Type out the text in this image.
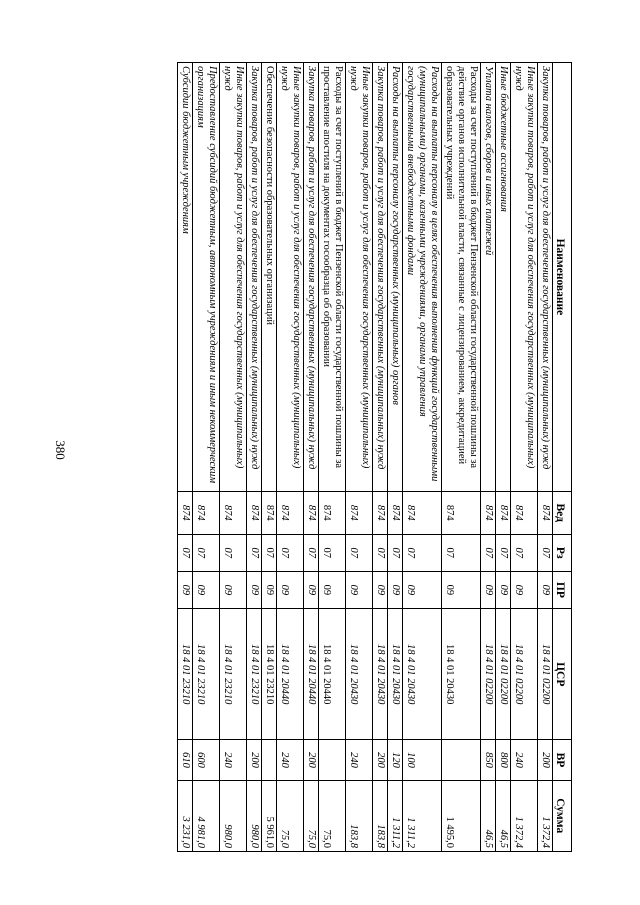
380
Наименование	Вед	Рз	ПР	ЦСР	ВР	Сумма
Закупка товаров, работ и услуг для обеспечения государственных (муниципальных) нужд	874	07	09	18 4 01 02200	200	1 372,4
Иные закупки товаров, работ и услуг для обеспечения государственных (муниципальных) нужд	874	07	09	18 4 01 02200	240	1 372,4
Иные бюджетные ассигнования	874	07	09	18 4 01 02200	800	46,5
Уплата налогов, сборов и иных платежей	874	07	09	18 4 01 02200	850	46,5
Расходы за счет поступлений в бюджет Пензенской области государственной пошлины за действие органов исполнительной власти, связанные с лицензированием, аккредитацией образовательных учреждений	874	07	09	18 4 01 20430		1 495,0
Расходы на выплаты персоналу в целях обеспечения выполнения функций государственными (муниципальными) органами, казенными учреждениями, органами управления государственными внебюджетными фондами	874	07	09	18 4 01 20430	100	1 311,2
Расходы на выплаты персоналу государственных (муниципальных) органов	874	07	09	18 4 01 20430	120	1 311,2
Закупка товаров, работ и услуг для обеспечения государственных (муниципальных) нужд	874	07	09	18 4 01 20430	200	183,8
Иные закупки товаров, работ и услуг для обеспечения государственных (муниципальных) нужд	874	07	09	18 4 01 20430	240	183,8
Расходы за счет поступлений в бюджет Пензенской области государственной пошлины за проставление апостиля на документах госообразца об образовании	874	07	09	18 4 01 20440		75,0
Закупка товаров, работ и услуг для обеспечения государственных (муниципальных) нужд	874	07	09	18 4 01 20440	200	75,0
Иные закупки товаров, работ и услуг для обеспечения государственных (муниципальных) нужд	874	07	09	18 4 01 20440	240	75,0
Обеспечение безопасности образовательных организаций	874	07	09	18 4 01 23210		5 961,0
Закупка товаров, работ и услуг для обеспечения государственных (муниципальных) нужд	874	07	09	18 4 01 23210	200	980,0
Иные закупки товаров, работ и услуг для обеспечения государственных (муниципальных) нужд	874	07	09	18 4 01 23210	240	980,0
Предоставление субсидий бюджетным, автономным учреждениям и иным некоммерческим организациям	874	07	09	18 4 01 23210	600	4 981,0
Субсидии бюджетным учреждениям	874	07	09	18 4 01 23210	610	3 231,0
